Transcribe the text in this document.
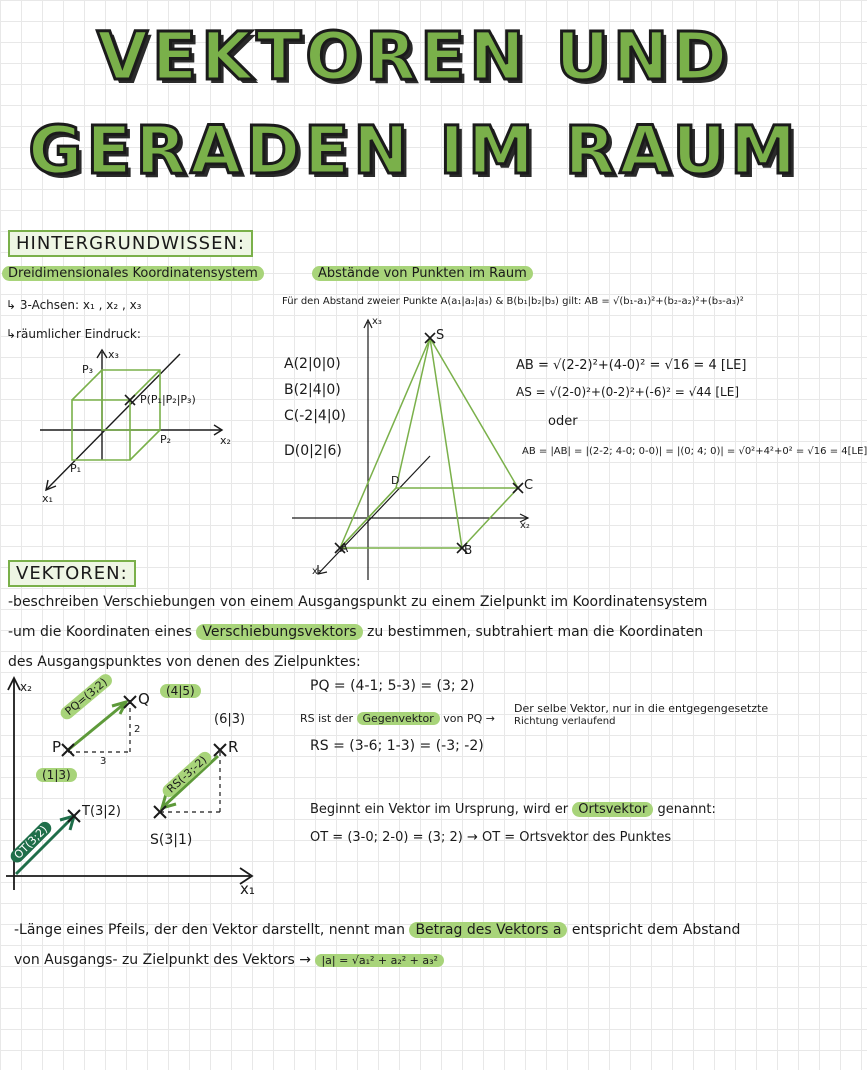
VEKTOREN UND
GERADEN IM RAUM
HINTERGRUNDWISSEN:
Dreidimensionales Koordinatensystem
↳ 3-Achsen: x₁ , x₂ , x₃
↳räumlicher Eindruck:
x₃
P₃
P(P₁|P₂|P₃)
P₂	x₂
P₁
x₁
Abstände von Punkten im Raum
Für den Abstand zweier Punkte A(a₁|a₂|a₃) & B(b₁|b₂|b₃) gilt: AB = √(b₁-a₁)²+(b₂-a₂)²+(b₃-a₃)²
A(2|0|0)
B(2|4|0)
C(-2|4|0)
D(0|2|6)
S
C
B
A
D
x₃
x₂
x₁
AB = √(2-2)²+(4-0)² = √16 = 4 [LE]
AS = √(2-0)²+(0-2)²+(-6)² = √44 [LE]
oder
AB = |AB| = |(2-2; 4-0; 0-0)| = |(0; 4; 0)| = √0²+4²+0² = √16 = 4[LE]
VEKTOREN:
-beschreiben Verschiebungen von einem Ausgangspunkt zu einem Zielpunkt im Koordinatensystem
-um die Koordinaten eines Verschiebungsvektors zu bestimmen, subtrahiert man die Koordinaten
des Ausgangspunktes von denen des Zielpunktes:
x₂
x₁
P
(1|3)
Q	(4|5)
R
(6|3)
S(3|1)
T(3|2)
2
3
PQ=(3;2)
RS(-3;-2)
OT(3;2)
PQ = (4-1; 5-3) = (3; 2)
RS ist der Gegenvektor von PQ →
Der selbe Vektor, nur in die entgegengesetzte
Richtung verlaufend
RS = (3-6; 1-3) = (-3; -2)
Beginnt ein Vektor im Ursprung, wird er Ortsvektor genannt:
OT = (3-0; 2-0) = (3; 2) → OT = Ortsvektor des Punktes
-Länge eines Pfeils, der den Vektor darstellt, nennt man Betrag des Vektors a entspricht dem Abstand
von Ausgangs- zu Zielpunkt des Vektors → |a| = √a₁² + a₂² + a₃²
